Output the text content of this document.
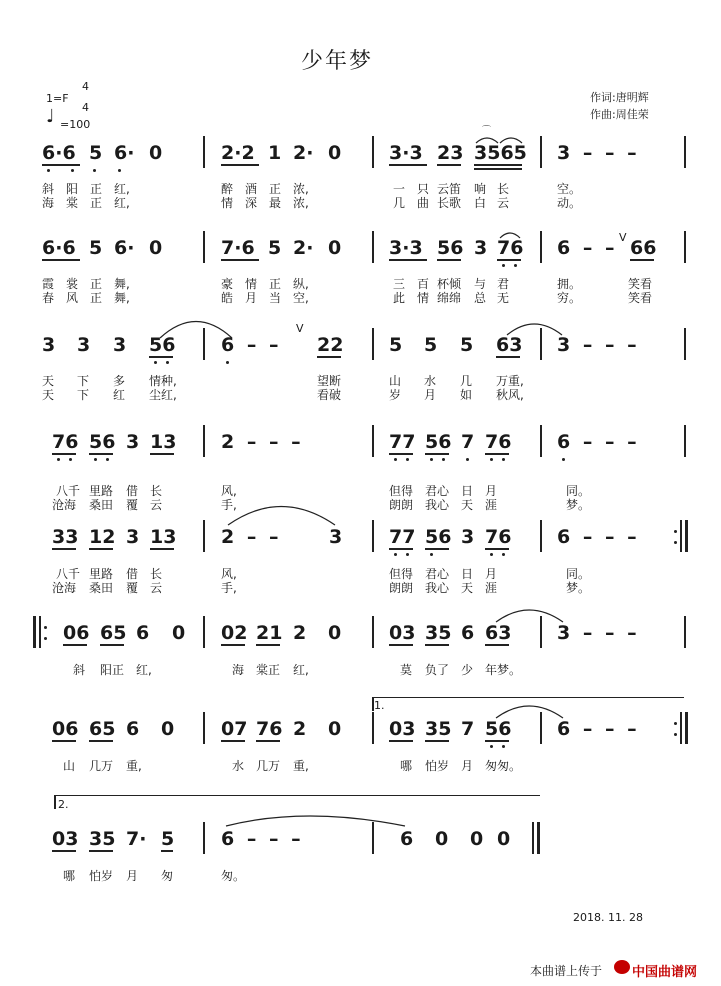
少年梦
1=F
4
4
♩ =100
作词:唐明辉
作曲:周佳荣
6·6 5 6· 0	2·2 1 2· 0	3·3 23 3565 3 – – –
斜 阳 正 红,	醉 酒 正 浓,	一 只 云笛 响 长	空。
海 棠 正 红,	情 深 最 浓,	几 曲 长歌 白 云	动。
6·6 5 6· 0	7·6 5 2· 0	3·3 56 3 76 6 – – 66
V
霞 裳 正 舞,	豪 情 正 纵,	三 百 杯倾 与 君	拥。	笑看
春 风 正 舞,	皓 月 当 空,	此 情 绵绵 总 无	穷。	笑看
3 3 3 56 6 – –
V
22 5 5 5 63 3 – – –
天 下 多 情种,	望断	山 水 几 万重,
天 下 红 尘红,	看破	岁 月 如 秋风,
76 56 3 13 2 – – –	77 56 7 76 6 – – –
八千 里路 借 长	风,	但得 君心 日 月	同。
沧海 桑田 覆 云	手,	朗朗 我心 天 涯	梦。
33 12 3 13 2 – –	3 77 56 3 76 6 – – –
八千 里路 借 长	风,	但得 君心 日 月	同。
沧海 桑田 覆 云	手,	朗朗 我心 天 涯	梦。
06 65 6 0 02 21 2 0	03 35 6 63 3 – – –
斜 阳正 红,	海 棠正 红,	莫 负了 少 年梦。
1.
06 65 6 0 07 76 2 0	03 35 7 56 6 – – –
山 几万 重,	水 几万 重,	哪 怕岁 月 匆匆。
2.
03 35 7· 5 6 – – –	6 0 0 0
哪 怕岁 月 匆	匆。
⌒
2018. 11. 28
本曲谱上传于 中国曲谱网
